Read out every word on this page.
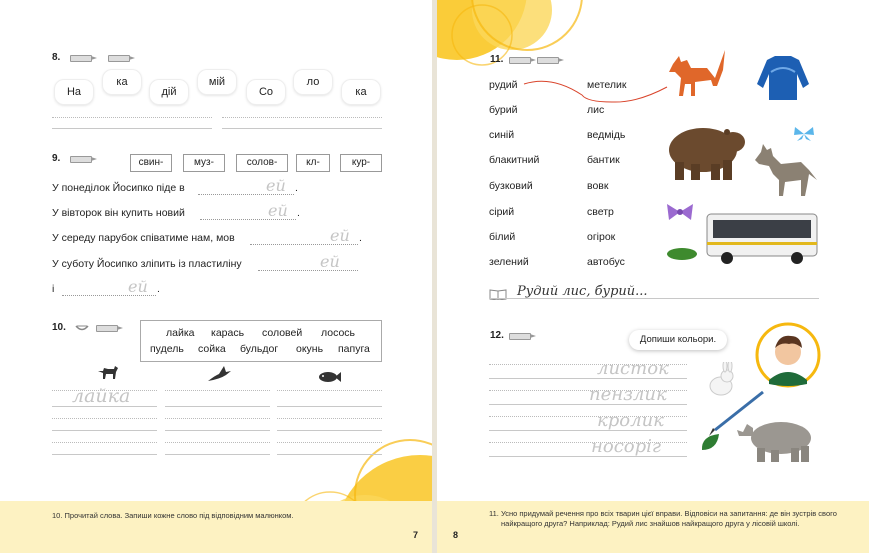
8.
На
ка
дій
мій
Со
ло
ка
9.	свин-	муз-	солов-	кл-	кур-
У понеділок Йосипко піде в	ей .
У вівторок він купить новий	ей .
У середу парубок співатиме нам, мов	ей .
У суботу Йосипко зліпить із пластиліну	ей
і	ей .
10.	лайка карась соловей лосось
пудель сойка бульдог окунь папуга
лайка
10. Прочитай слова. Запиши кожне слово під відповідним малюнком.
7
11.
рудий
бурий
синій
блакитний
бузковий
сірий
білий
зелений
метелик
лис
ведмідь
бантик
вовк
светр
огірок
автобус
Рудий лис, бурий...
12.	Допиши кольори.
листок
пензлик
кролик
носоріг
11. Усно придумай речення про всіх тварин цієї вправи. Відповіси на запитання: де він зустрів свого
найкращого друга? Наприклад: Рудий лис знайшов найкращого друга у лісовій школі.
8
